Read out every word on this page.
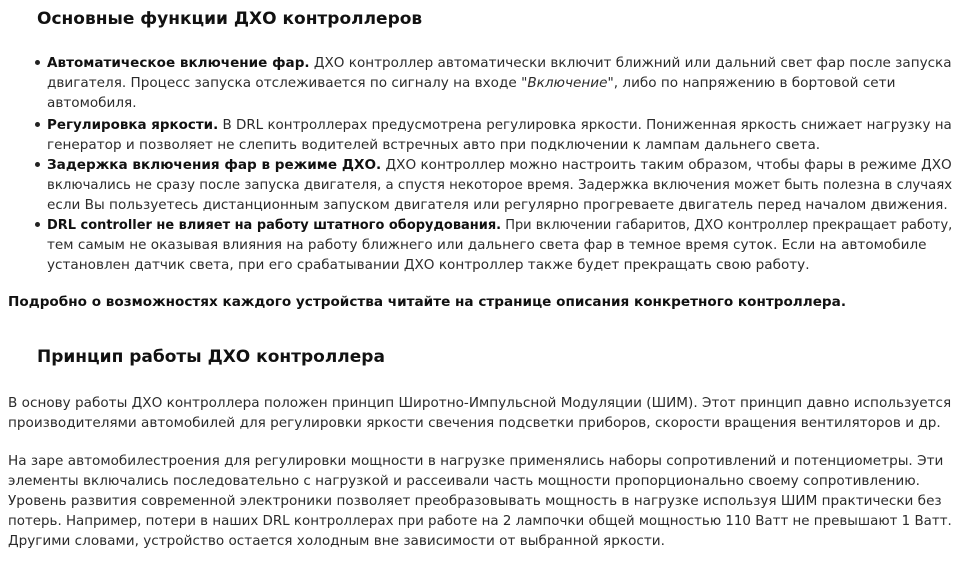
Основные функции ДХО контроллеров
Автоматическое включение фар. ДХО контроллер автоматически включит ближний или дальний свет фар после запуска
двигателя. Процесс запуска отслеживается по сигналу на входе "Включение", либо по напряжению в бортовой сети
автомобиля.
Регулировка яркости. В DRL контроллерах предусмотрена регулировка яркости. Пониженная яркость снижает нагрузку на
генератор и позволяет не слепить водителей встречных авто при подключении к лампам дальнего света.
Задержка включения фар в режиме ДХО. ДХО контроллер можно настроить таким образом, чтобы фары в режиме ДХО
включались не сразу после запуска двигателя, а спустя некоторое время. Задержка включения может быть полезна в случаях
если Вы пользуетесь дистанционным запуском двигателя или регулярно прогреваете двигатель перед началом движения.
DRL controller не влияет на работу штатного оборудования. При включении габаритов, ДХО контроллер прекращает работу,
тем самым не оказывая влияния на работу ближнего или дальнего света фар в темное время суток. Если на автомобиле
установлен датчик света, при его срабатывании ДХО контроллер также будет прекращать свою работу.
Подробно о возможностях каждого устройства читайте на странице описания конкретного контроллера.
Принцип работы ДХО контроллера
В основу работы ДХО контроллера положен принцип Широтно-Импульсной Модуляции (ШИМ). Этот принцип давно используется
производителями автомобилей для регулировки яркости свечения подсветки приборов, скорости вращения вентиляторов и др.
На заре автомобилестроения для регулировки мощности в нагрузке применялись наборы сопротивлений и потенциометры. Эти
элементы включались последовательно с нагрузкой и рассеивали часть мощности пропорционально своему сопротивлению.
Уровень развития современной электроники позволяет преобразовывать мощность в нагрузке используя ШИМ практически без
потерь. Например, потери в наших DRL контроллерах при работе на 2 лампочки общей мощностью 110 Ватт не превышают 1 Ватт.
Другими словами, устройство остается холодным вне зависимости от выбранной яркости.
